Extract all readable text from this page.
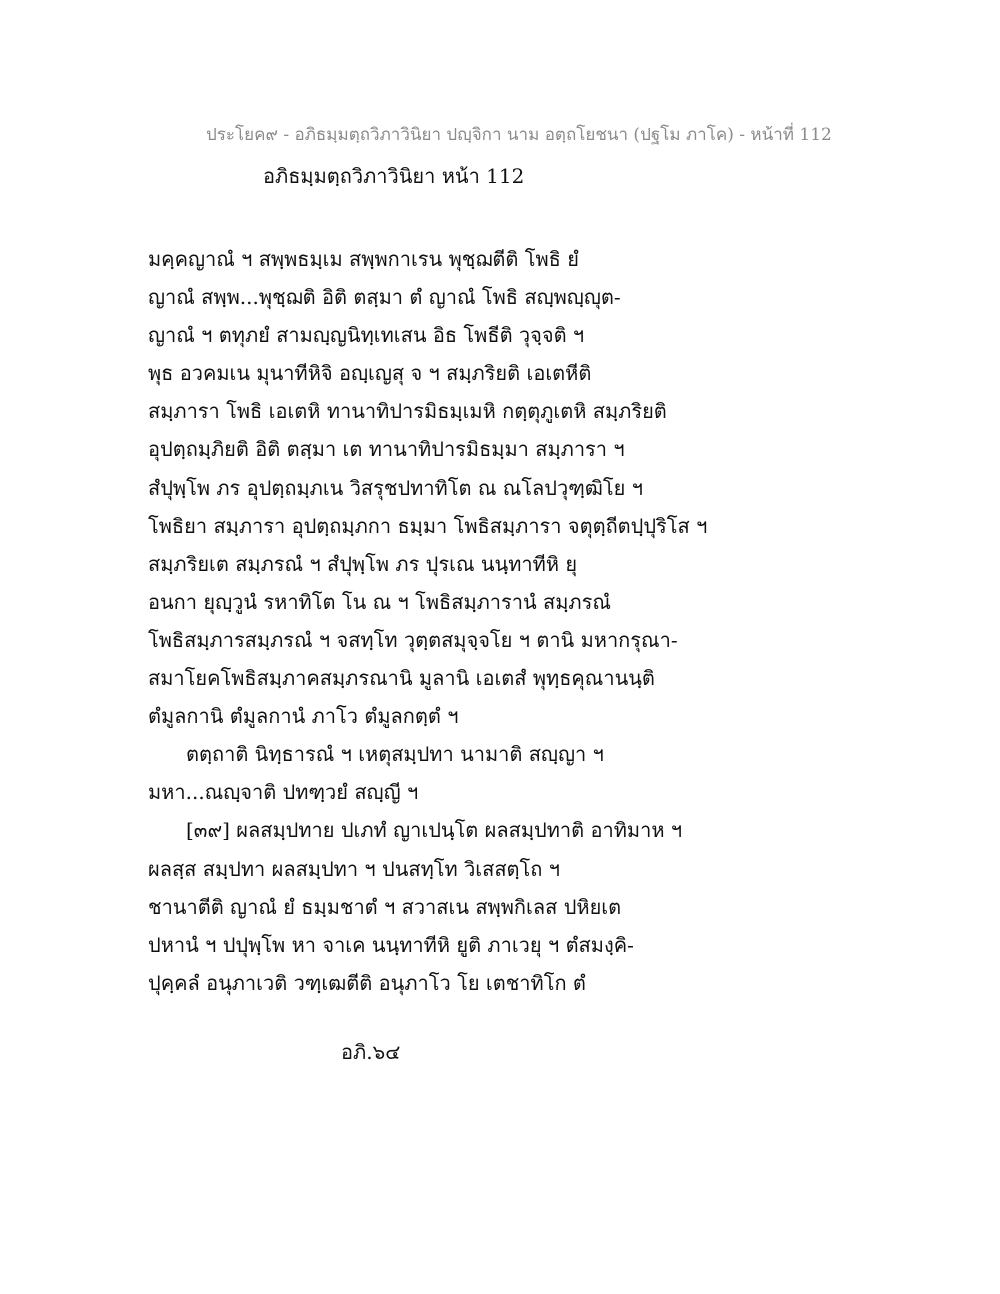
ประโยค๙ - อภิธมฺมตฺถวิภาวินิยา ปญฺจิกา นาม อตฺถโยชนา (ปฐโม ภาโค) - หน้าที่ 112
อภิธมฺมตฺถวิภาวินิยา หน้า 112
มคฺคญาณํ ฯ สพฺพธมฺเม สพฺพกาเรน พุชฺฌตีติ โพธิ ยํ
ญาณํ สพฺพ...พุชฺฌติ อิติ ตสฺมา ตํ ญาณํ โพธิ สญฺพญฺญุต-
ญาณํ ฯ ตทุภยํ สามญฺญนิทฺเทเสน อิธ โพธีติ วุจฺจติ ฯ
พุธ อวคมเน มุนาทีหิจิ อญฺเญสุ จ ฯ สมฺภริยติ เอเตหีติ
สมฺภารา โพธิ เอเตหิ ทานาทิปารมิธมฺเมหิ กตฺตุภูเตหิ สมฺภริยติ
อุปตฺถมฺภิยติ อิติ ตสฺมา เต ทานาทิปารมิธมฺมา สมฺภารา ฯ
สํปุพฺโพ ภร อุปตฺถมฺภเน วิสรุชปทาทิโต ณ ณโลปวุฑฺฒิโย ฯ
โพธิยา สมฺภารา อุปตฺถมฺภกา ธมฺมา โพธิสมฺภารา จตุตฺถีตปฺปุริโส ฯ
สมฺภริยเต สมฺภรณํ ฯ สํปุพฺโพ ภร ปุรเณ นนฺทาทีหิ ยุ
อนกา ยุญฺวูนํ รหาทิโต โน ณ ฯ โพธิสมฺภารานํ สมฺภรณํ
โพธิสมฺภารสมฺภรณํ ฯ จสทฺโท วุตฺตสมุจฺจโย ฯ ตานิ มหากรุณา-
สมาโยคโพธิสมฺภาคสมฺภรณานิ มูลานิ เอเตสํ พุทฺธคุณานนฺติ
ตํมูลกานิ ตํมูลกานํ ภาโว ตํมูลกตฺตํ ฯ
ตตฺถาติ นิทฺธารณํ ฯ เหตุสมฺปทา นามาติ สญฺญา ฯ
มหา...ณญฺจาติ ปทฑฺวยํ สญฺญี ฯ
[๓๙] ผลสมฺปทาย ปเภทํ ญาเปนฺโต ผลสมฺปทาติ อาทิมาห ฯ
ผลสฺส สมฺปทา ผลสมฺปทา ฯ ปนสทฺโท วิเสสตฺโถ ฯ
ชานาตีติ ญาณํ ยํ ธมฺมชาตํ ฯ สวาสเน สพฺพกิเลส ปหิยเต
ปหานํ ฯ ปปุพฺโพ หา จาเค นนฺทาทีหิ ยูติ ภาเวยุ ฯ ตํสมงฺคิ-
ปุคฺคลํ อนุภาเวติ วฑฺเฒตีติ อนุภาโว โย เตชาทิโก ตํ
อภิ.๖๔
